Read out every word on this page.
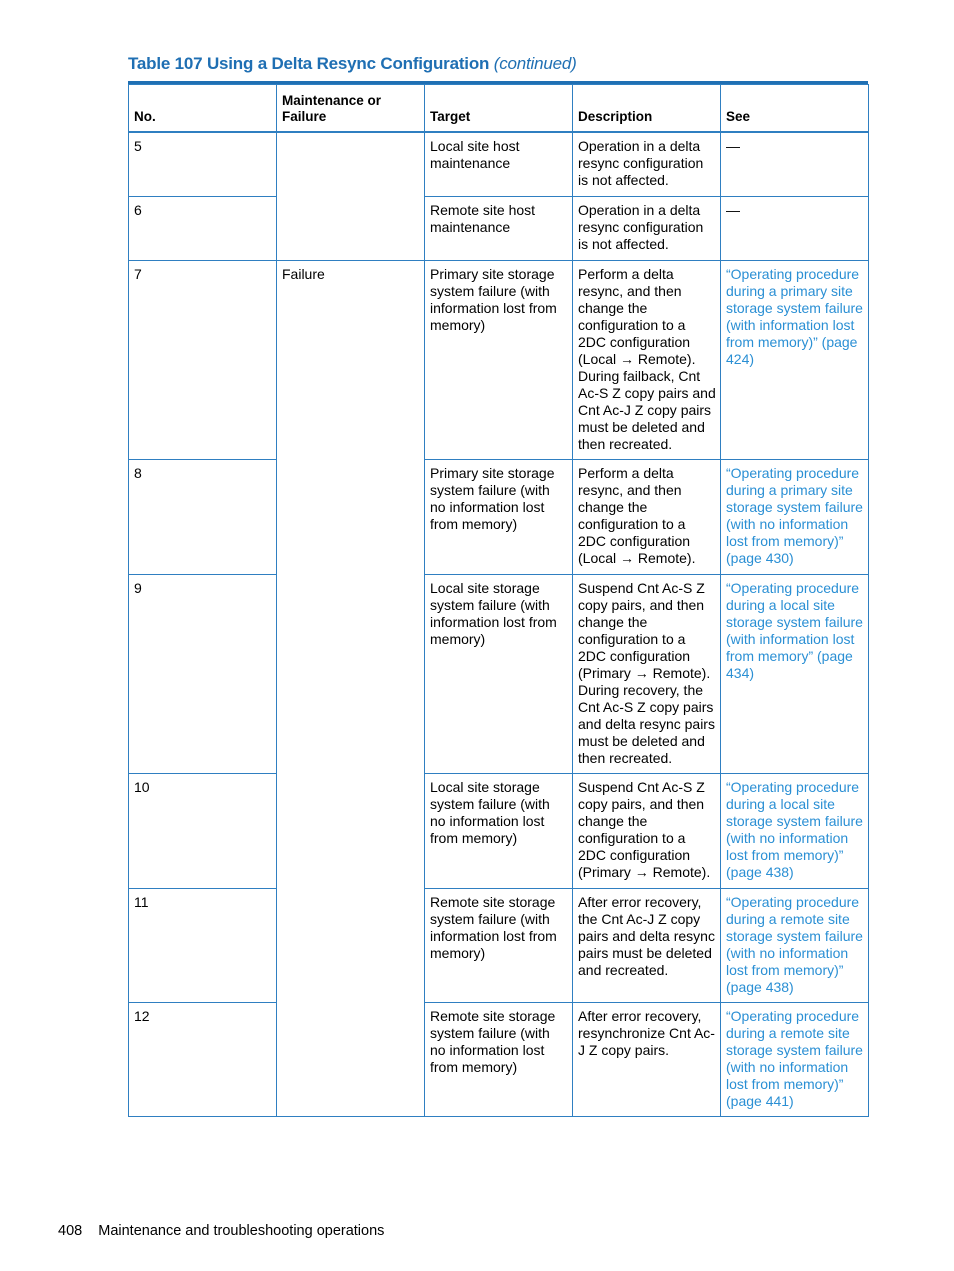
Table 107 Using a Delta Resync Configuration (continued)
No.	Maintenance or Failure	Target	Description	See
5		Local site host maintenance	Operation in a delta resync configuration is not affected.	—
6		Remote site host maintenance	Operation in a delta resync configuration is not affected.	—
7	Failure	Primary site storage system failure (with information lost from memory)	Perform a delta resync, and then change the configuration to a 2DC configuration (Local → Remote). During failback, Cnt Ac-S Z copy pairs and Cnt Ac-J Z copy pairs must be deleted and then recreated.	“Operating procedure during a primary site storage system failure (with information lost from memory)” (page 424)
8		Primary site storage system failure (with no information lost from memory)	Perform a delta resync, and then change the configuration to a 2DC configuration (Local → Remote).	“Operating procedure during a primary site storage system failure (with no information lost from memory)” (page 430)
9		Local site storage system failure (with information lost from memory)	Suspend Cnt Ac-S Z copy pairs, and then change the configuration to a 2DC configuration (Primary → Remote). During recovery, the Cnt Ac-S Z copy pairs and delta resync pairs must be deleted and then recreated.	“Operating procedure during a local site storage system failure (with information lost from memory” (page 434)
10		Local site storage system failure (with no information lost from memory)	Suspend Cnt Ac-S Z copy pairs, and then change the configuration to a 2DC configuration (Primary → Remote).	“Operating procedure during a local site storage system failure (with no information lost from memory)” (page 438)
11		Remote site storage system failure (with information lost from memory)	After error recovery, the Cnt Ac-J Z copy pairs and delta resync pairs must be deleted and recreated.	“Operating procedure during a remote site storage system failure (with no information lost from memory)” (page 438)
12		Remote site storage system failure (with no information lost from memory)	After error recovery, resynchronize Cnt Ac-J Z copy pairs.	“Operating procedure during a remote site storage system failure (with no information lost from memory)” (page 441)
408 Maintenance and troubleshooting operations
